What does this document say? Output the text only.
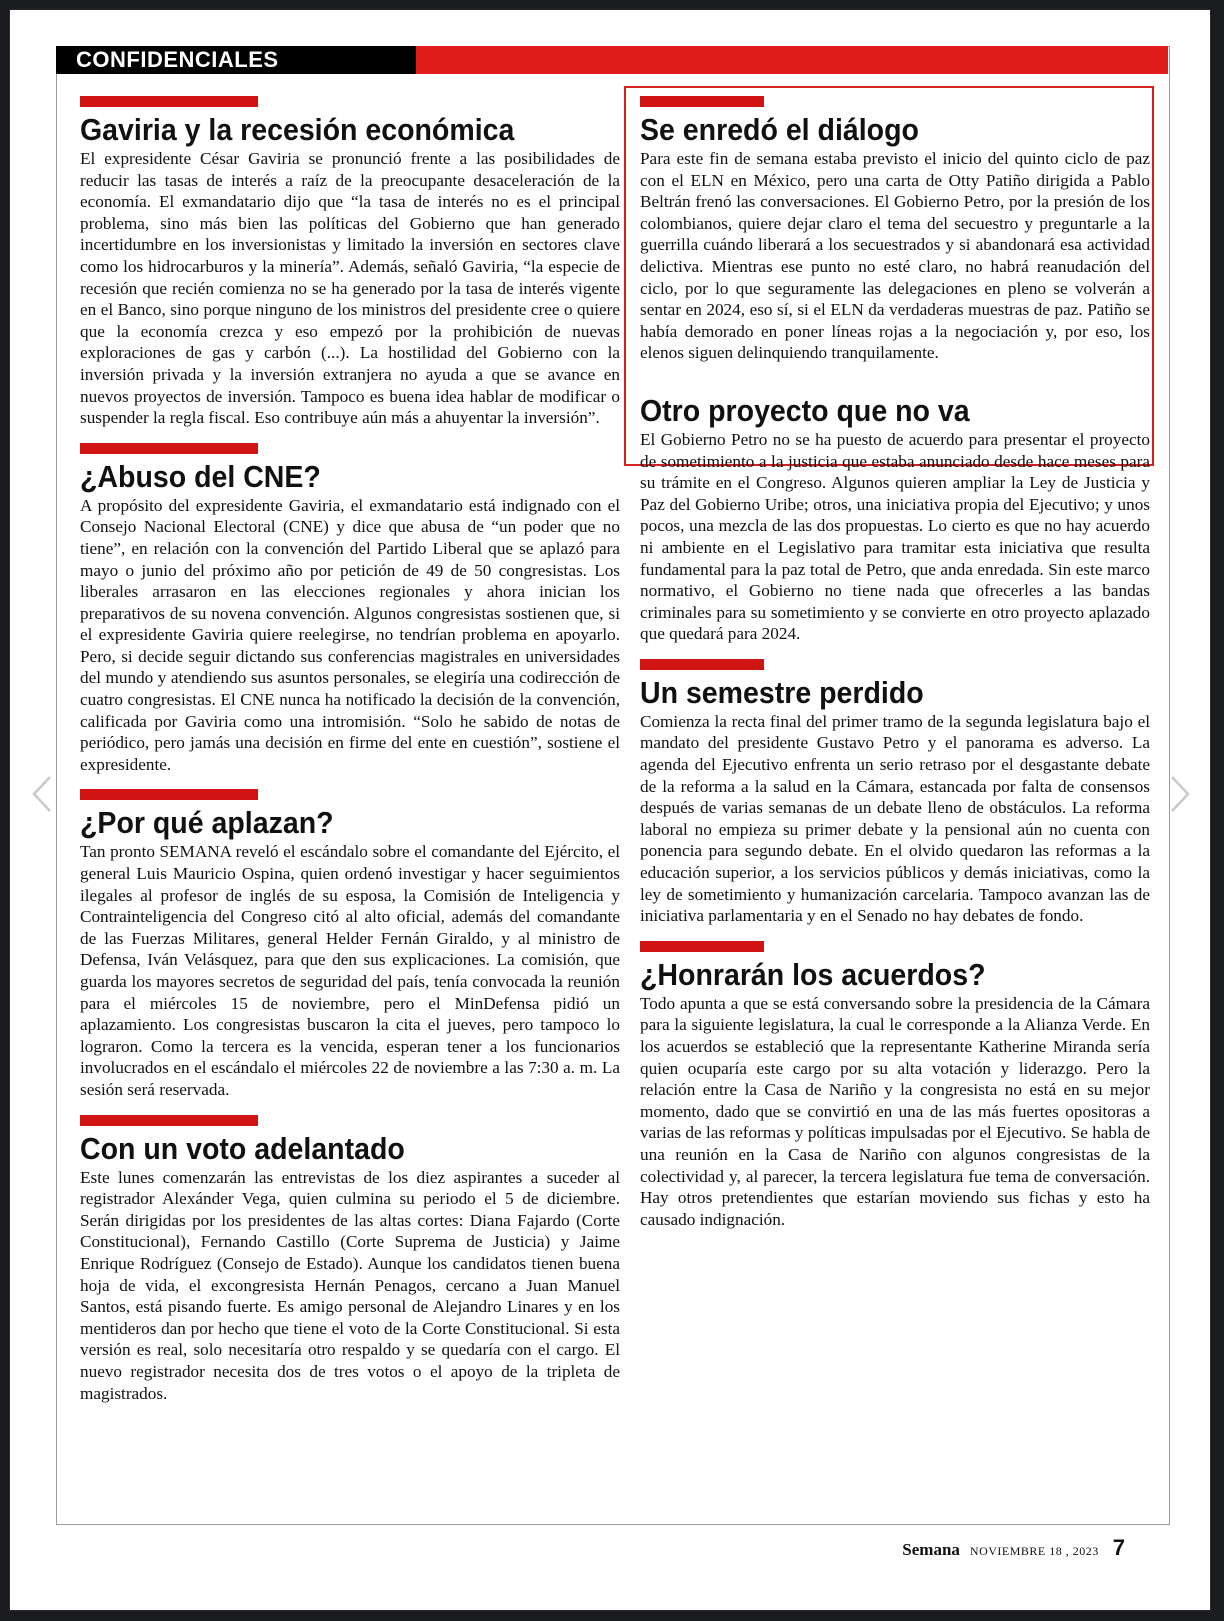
CONFIDENCIALES
Gaviria y la recesión económica

El expresidente César Gaviria se pronunció frente a las posibilidades de reducir las tasas de interés a raíz de la preocupante desaceleración de la economía. El exmandatario dijo que “la tasa de interés no es el principal problema, sino más bien las políticas del Gobierno que han generado incertidumbre en los inversionistas y limitado la inversión en sectores clave como los hidrocarburos y la minería”. Además, señaló Gaviria, “la especie de recesión que recién comienza no se ha generado por la tasa de interés vigente en el Banco, sino porque ninguno de los ministros del presidente cree o quiere que la economía crezca y eso empezó por la prohibición de nuevas exploraciones de gas y carbón (...). La hostilidad del Gobierno con la inversión privada y la inversión extranjera no ayuda a que se avance en nuevos proyectos de inversión. Tampoco es buena idea hablar de modificar o suspender la regla fiscal. Eso contribuye aún más a ahuyentar la inversión”.

¿Abuso del CNE?

A propósito del expresidente Gaviria, el exmandatario está indignado con el Consejo Nacional Electoral (CNE) y dice que abusa de “un poder que no tiene”, en relación con la convención del Partido Liberal que se aplazó para mayo o junio del próximo año por petición de 49 de 50 congresistas. Los liberales arrasaron en las elecciones regionales y ahora inician los preparativos de su novena convención. Algunos congresistas sostienen que, si el expresidente Gaviria quiere reelegirse, no tendrían problema en apoyarlo. Pero, si decide seguir dictando sus conferencias magistrales en universidades del mundo y atendiendo sus asuntos personales, se elegiría una codirección de cuatro congresistas. El CNE nunca ha notificado la decisión de la convención, calificada por Gaviria como una intromisión. “Solo he sabido de notas de periódico, pero jamás una decisión en firme del ente en cuestión”, sostiene el expresidente.

¿Por qué aplazan?

Tan pronto SEMANA reveló el escándalo sobre el comandante del Ejército, el general Luis Mauricio Ospina, quien ordenó investigar y hacer seguimientos ilegales al profesor de inglés de su esposa, la Comisión de Inteligencia y Contrainteligencia del Congreso citó al alto oficial, además del comandante de las Fuerzas Militares, general Helder Fernán Giraldo, y al ministro de Defensa, Iván Velásquez, para que den sus explicaciones. La comisión, que guarda los mayores secretos de seguridad del país, tenía convocada la reunión para el miércoles 15 de noviembre, pero el MinDefensa pidió un aplazamiento. Los congresistas buscaron la cita el jueves, pero tampoco lo lograron. Como la tercera es la vencida, esperan tener a los funcionarios involucrados en el escándalo el miércoles 22 de noviembre a las 7:30 a. m. La sesión será reservada.

Con un voto adelantado

Este lunes comenzarán las entrevistas de los diez aspirantes a suceder al registrador Alexánder Vega, quien culmina su periodo el 5 de diciembre. Serán dirigidas por los presidentes de las altas cortes: Diana Fajardo (Corte Constitucional), Fernando Castillo (Corte Suprema de Justicia) y Jaime Enrique Rodríguez (Consejo de Estado). Aunque los candidatos tienen buena hoja de vida, el excongresista Hernán Penagos, cercano a Juan Manuel Santos, está pisando fuerte. Es amigo personal de Alejandro Linares y en los mentideros dan por hecho que tiene el voto de la Corte Constitucional. Si esta versión es real, solo necesitaría otro respaldo y se quedaría con el cargo. El nuevo registrador necesita dos de tres votos o el apoyo de la tripleta de magistrados.

Se enredó el diálogo

Para este fin de semana estaba previsto el inicio del quinto ciclo de paz con el ELN en México, pero una carta de Otty Patiño dirigida a Pablo Beltrán frenó las conversaciones. El Gobierno Petro, por la presión de los colombianos, quiere dejar claro el tema del secuestro y preguntarle a la guerrilla cuándo liberará a los secuestrados y si abandonará esa actividad delictiva. Mientras ese punto no esté claro, no habrá reanudación del ciclo, por lo que seguramente las delegaciones en pleno se volverán a sentar en 2024, eso sí, si el ELN da verdaderas muestras de paz. Patiño se había demorado en poner líneas rojas a la negociación y, por eso, los elenos siguen delinquiendo tranquilamente.

Otro proyecto que no va

El Gobierno Petro no se ha puesto de acuerdo para presentar el proyecto de sometimiento a la justicia que estaba anunciado desde hace meses para su trámite en el Congreso. Algunos quieren ampliar la Ley de Justicia y Paz del Gobierno Uribe; otros, una iniciativa propia del Ejecutivo; y unos pocos, una mezcla de las dos propuestas. Lo cierto es que no hay acuerdo ni ambiente en el Legislativo para tramitar esta iniciativa que resulta fundamental para la paz total de Petro, que anda enredada. Sin este marco normativo, el Gobierno no tiene nada que ofrecerles a las bandas criminales para su sometimiento y se convierte en otro proyecto aplazado que quedará para 2024.

Un semestre perdido

Comienza la recta final del primer tramo de la segunda legislatura bajo el mandato del presidente Gustavo Petro y el panorama es adverso. La agenda del Ejecutivo enfrenta un serio retraso por el desgastante debate de la reforma a la salud en la Cámara, estancada por falta de consensos después de varias semanas de un debate lleno de obstáculos. La reforma laboral no empieza su primer debate y la pensional aún no cuenta con ponencia para segundo debate. En el olvido quedaron las reformas a la educación superior, a los servicios públicos y demás iniciativas, como la ley de sometimiento y humanización carcelaria. Tampoco avanzan las de iniciativa parlamentaria y en el Senado no hay debates de fondo.

¿Honrarán los acuerdos?

Todo apunta a que se está conversando sobre la presidencia de la Cámara para la siguiente legislatura, la cual le corresponde a la Alianza Verde. En los acuerdos se estableció que la representante Katherine Miranda sería quien ocuparía este cargo por su alta votación y liderazgo. Pero la relación entre la Casa de Nariño y la congresista no está en su mejor momento, dado que se convirtió en una de las más fuertes opositoras a varias de las reformas y políticas impulsadas por el Ejecutivo. Se habla de una reunión en la Casa de Nariño con algunos congresistas de la colectividad y, al parecer, la tercera legislatura fue tema de conversación. Hay otros pretendientes que estarían moviendo sus fichas y esto ha causado indignación.

Semana NOVIEMBRE 18 , 2023 7
